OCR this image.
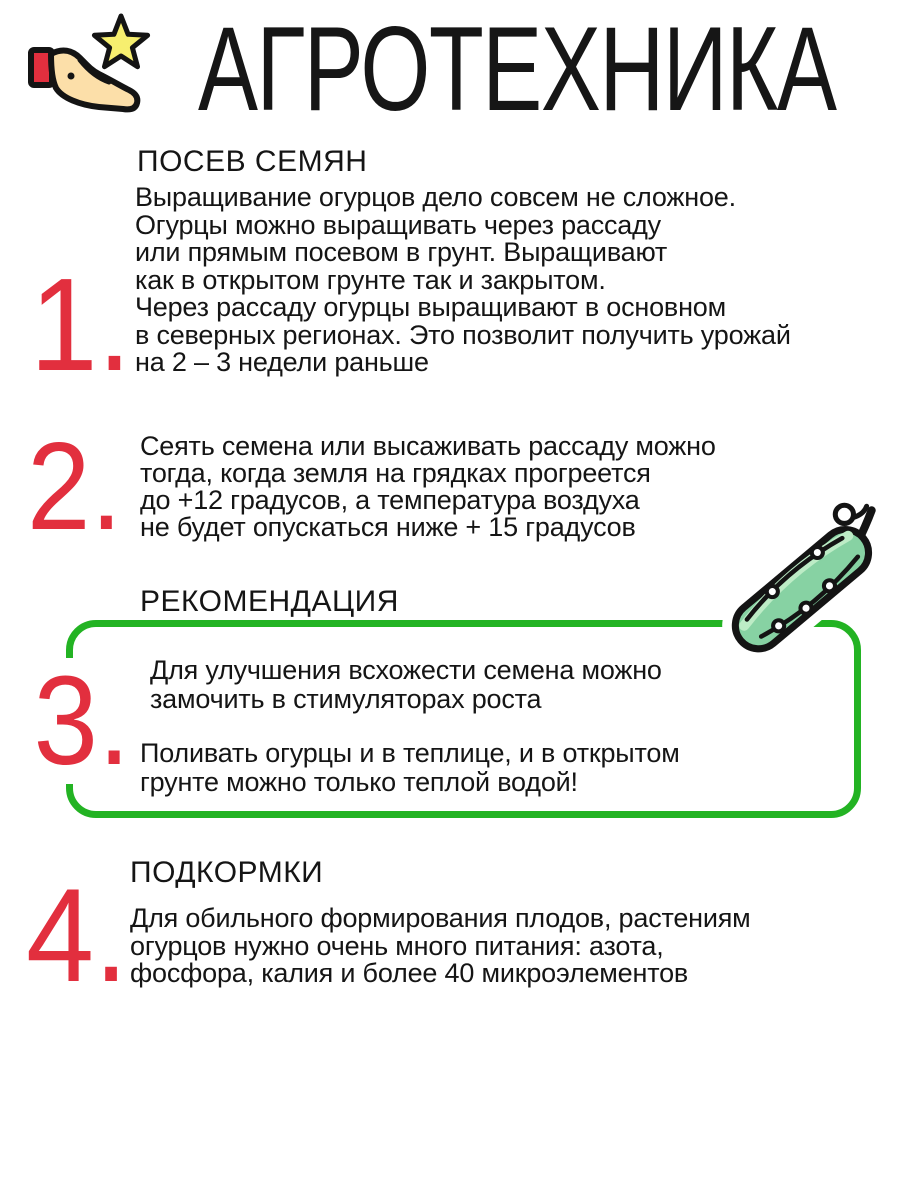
АГРОТЕХНИКА
1.
ПОСЕВ СЕМЯН
Выращивание огурцов дело совсем не сложное.
Огурцы можно выращивать через рассаду
или прямым посевом в грунт. Выращивают
как в открытом грунте так и закрытом.
Через рассаду огурцы выращивают в основном
в северных регионах. Это позволит получить урожай
на 2 – 3 недели раньше
2. Сеять семена или высаживать рассаду можно
тогда, когда земля на грядках прогреется
до +12 градусов, а температура воздуха
не будет опускаться ниже + 15 градусов
РЕКОМЕНДАЦИЯ
3. Для улучшения всхожести семена можно
замочить в стимуляторах роста
Поливать огурцы и в теплице, и в открытом
грунте можно только теплой водой!
4. ПОДКОРМКИ
Для обильного формирования плодов, растениям
огурцов нужно очень много питания: азота,
фосфора, калия и более 40 микроэлементов
